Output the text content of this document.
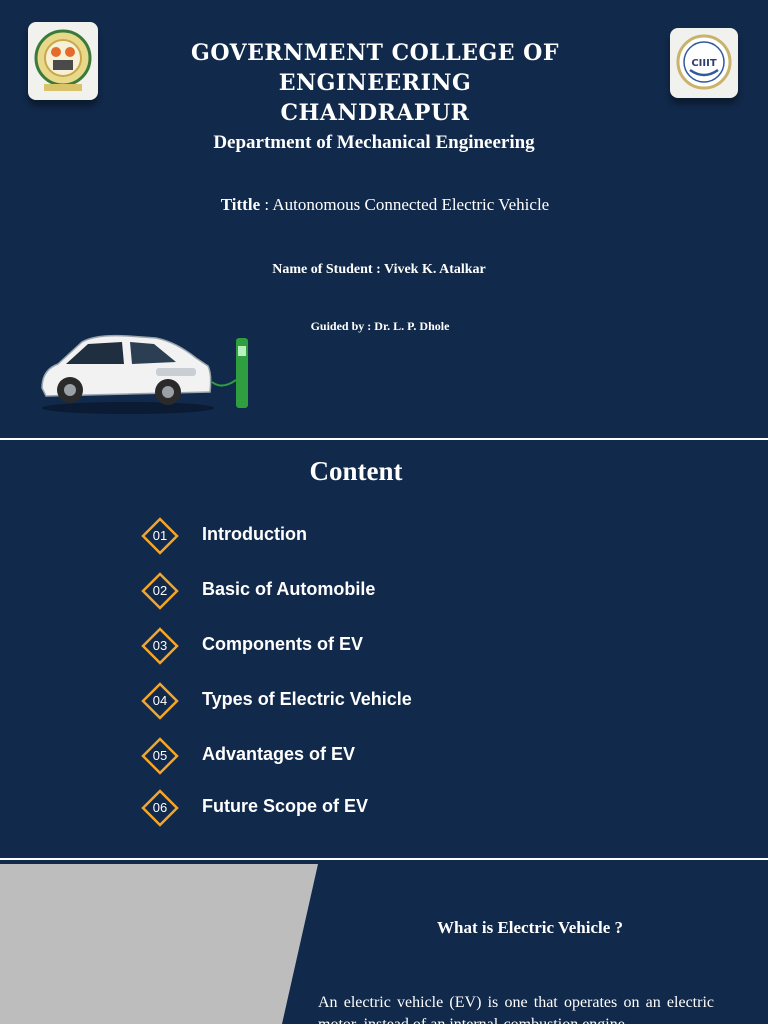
CIIIT
GOVERNMENT COLLEGE OF ENGINEERING
CHANDRAPUR
Department of Mechanical Engineering
Tittle : Autonomous Connected Electric Vehicle
Name of Student : Vivek K. Atalkar
Guided by : Dr. L. P. Dhole
Content
01	Introduction
02	Basic of Automobile
03	Components of EV
04	Types of Electric Vehicle
05	Advantages of EV
06	Future Scope of EV
What is Electric Vehicle ?
An electric vehicle (EV) is one that operates on an electric motor, instead of an internal-combustion engine
